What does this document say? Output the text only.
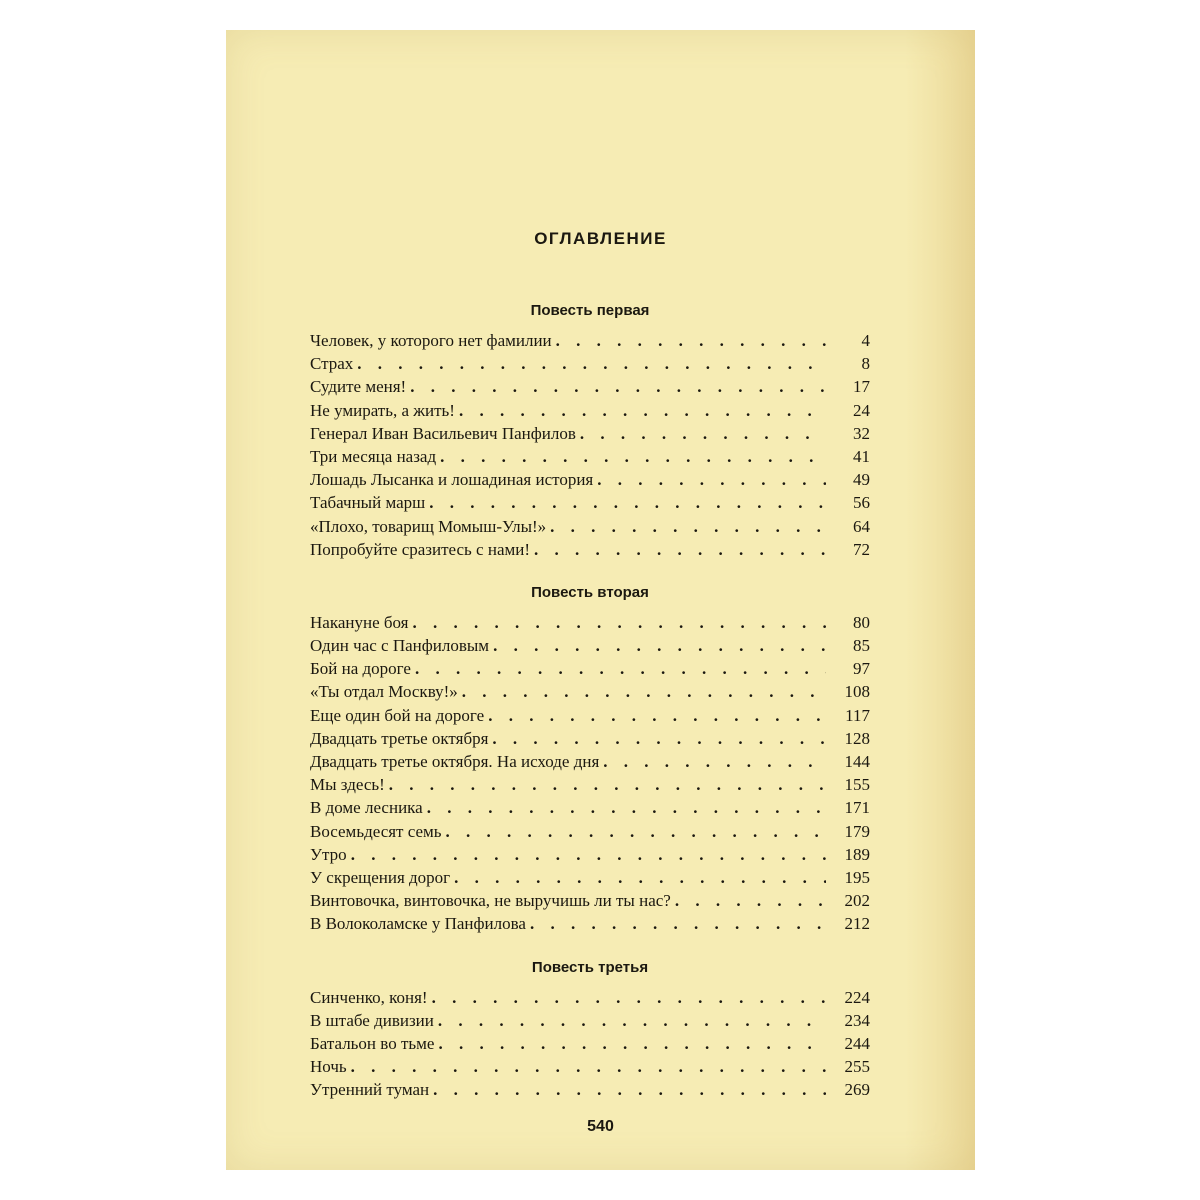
ОГЛАВЛЕНИЕ
Повесть первая
Человек, у которого нет фамилии . . .	4
Страх . . .	8
Судите меня! . . .	17
Не умирать, а жить! . . .	24
Генерал Иван Васильевич Панфилов . . .	32
Три месяца назад . . .	41
Лошадь Лысанка и лошадиная история . . .	49
Табачный марш . . .	56
«Плохо, товарищ Момыш-Улы!» . . .	64
Попробуйте сразитесь с нами! . . .	72
Повесть вторая
Накануне боя . . .	80
Один час с Панфиловым . . .	85
Бой на дороге . . .	97
«Ты отдал Москву!» . . .	108
Еще один бой на дороге . . .	117
Двадцать третье октября . . .	128
Двадцать третье октября. На исходе дня . . .	144
Мы здесь! . . .	155
В доме лесника . . .	171
Восемьдесят семь . . .	179
Утро . . .	189
У скрещения дорог . . .	195
Винтовочка, винтовочка, не выручишь ли ты нас? . . .	202
В Волоколамске у Панфилова . . .	212
Повесть третья
Синченко, коня! . . .	224
В штабе дивизии . . .	234
Батальон во тьме . . .	244
Ночь . . .	255
Утренний туман . . .	269
540
